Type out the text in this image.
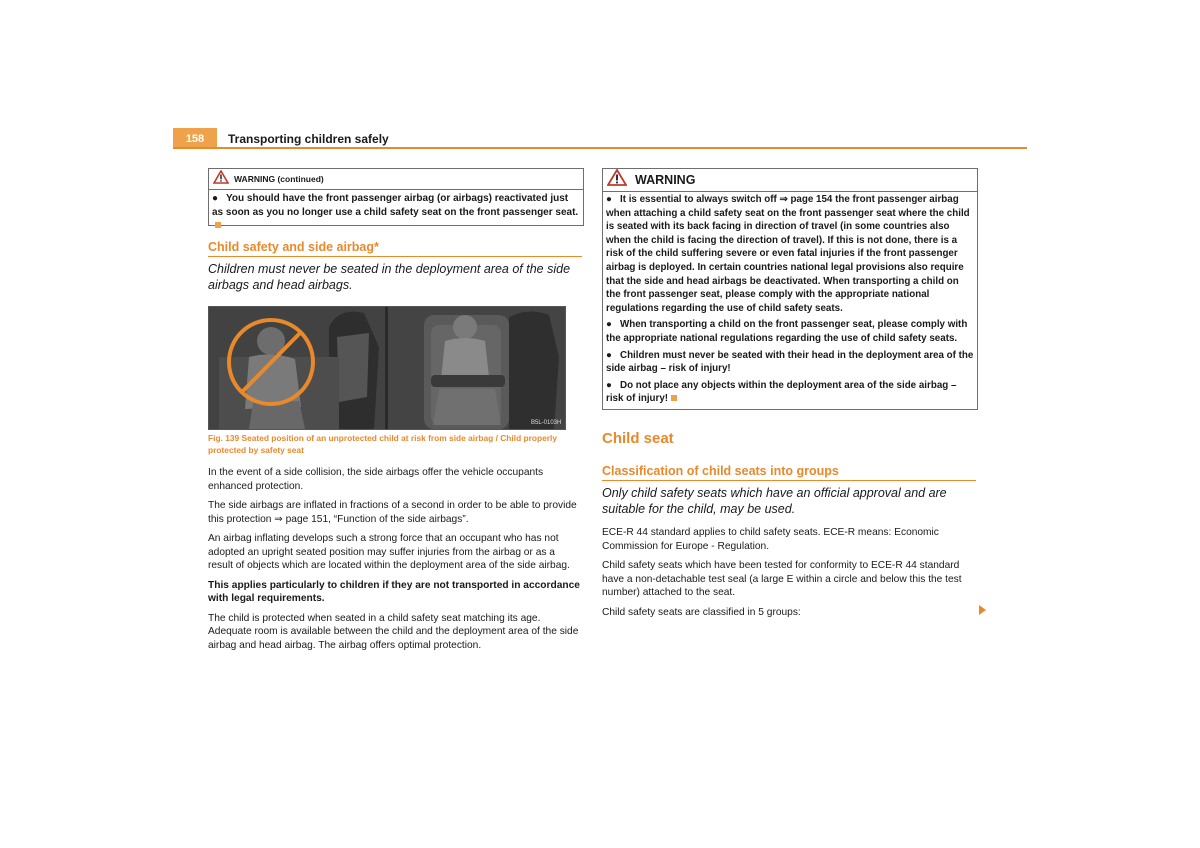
158	Transporting children safely
WARNING (continued)

● You should have the front passenger airbag (or airbags) reactivated just as soon as you no longer use a child safety seat on the front passenger seat.

Child safety and side airbag*
Children must never be seated in the deployment area of the side airbags and head airbags.
B5L-0103H
Fig. 139 Seated position of an unprotected child at risk from side airbag / Child properly protected by safety seat

In the event of a side collision, the side airbags offer the vehicle occupants enhanced protection.

The side airbags are inflated in fractions of a second in order to be able to provide this protection ⇒ page 151, “Function of the side airbags”.

An airbag inflating develops such a strong force that an occupant who has not adopted an upright seated position may suffer injuries from the airbag or as a result of objects which are located within the deployment area of the side airbag.

This applies particularly to children if they are not transported in accordance with legal requirements.

The child is protected when seated in a child safety seat matching its age. Adequate room is available between the child and the deployment area of the side airbag and head airbag. The airbag offers optimal protection.

WARNING

● It is essential to always switch off ⇒ page 154 the front passenger airbag when attaching a child safety seat on the front passenger seat where the child is seated with its back facing in direction of travel (in some countries also when the child is facing the direction of travel). If this is not done, there is a risk of the child suffering severe or even fatal injuries if the front passenger airbag is deployed. In certain countries national legal provisions also require that the side and head airbags be deactivated. When transporting a child on the front passenger seat, please comply with the appropriate national regulations regarding the use of child safety seats.

● When transporting a child on the front passenger seat, please comply with the appropriate national regulations regarding the use of child safety seats.

● Children must never be seated with their head in the deployment area of the side airbag – risk of injury!

● Do not place any objects within the deployment area of the side airbag – risk of injury!

Child seat
Classification of child seats into groups
Only child safety seats which have an official approval and are suitable for the child, may be used.

ECE-R 44 standard applies to child safety seats. ECE-R means: Economic Commission for Europe - Regulation.

Child safety seats which have been tested for conformity to ECE-R 44 standard have a non-detachable test seal (a large E within a circle and below this the test number) attached to the seat.

Child safety seats are classified in 5 groups:
